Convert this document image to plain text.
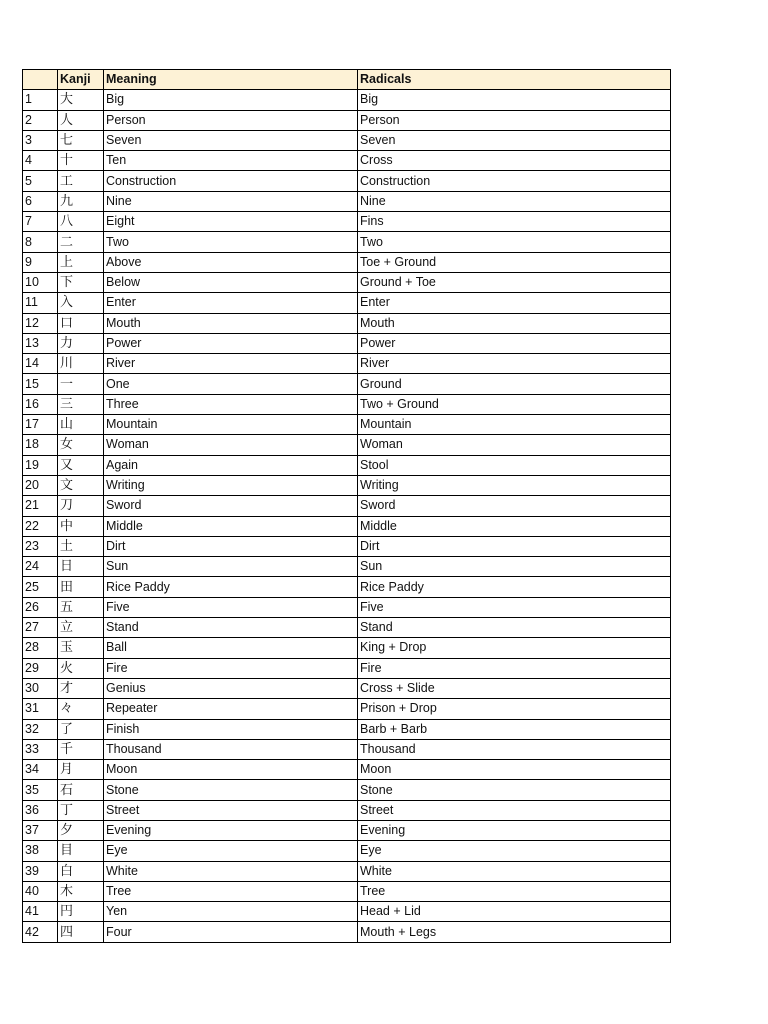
	Kanji	Meaning	Radicals
1	大	Big	Big
2	人	Person	Person
3	七	Seven	Seven
4	十	Ten	Cross
5	工	Construction	Construction
6	九	Nine	Nine
7	八	Eight	Fins
8	二	Two	Two
9	上	Above	Toe + Ground
10	下	Below	Ground + Toe
11	入	Enter	Enter
12	口	Mouth	Mouth
13	力	Power	Power
14	川	River	River
15	一	One	Ground
16	三	Three	Two + Ground
17	山	Mountain	Mountain
18	女	Woman	Woman
19	又	Again	Stool
20	文	Writing	Writing
21	刀	Sword	Sword
22	中	Middle	Middle
23	土	Dirt	Dirt
24	日	Sun	Sun
25	田	Rice Paddy	Rice Paddy
26	五	Five	Five
27	立	Stand	Stand
28	玉	Ball	King + Drop
29	火	Fire	Fire
30	才	Genius	Cross + Slide
31	々	Repeater	Prison + Drop
32	了	Finish	Barb + Barb
33	千	Thousand	Thousand
34	月	Moon	Moon
35	石	Stone	Stone
36	丁	Street	Street
37	夕	Evening	Evening
38	目	Eye	Eye
39	白	White	White
40	木	Tree	Tree
41	円	Yen	Head + Lid
42	四	Four	Mouth + Legs
